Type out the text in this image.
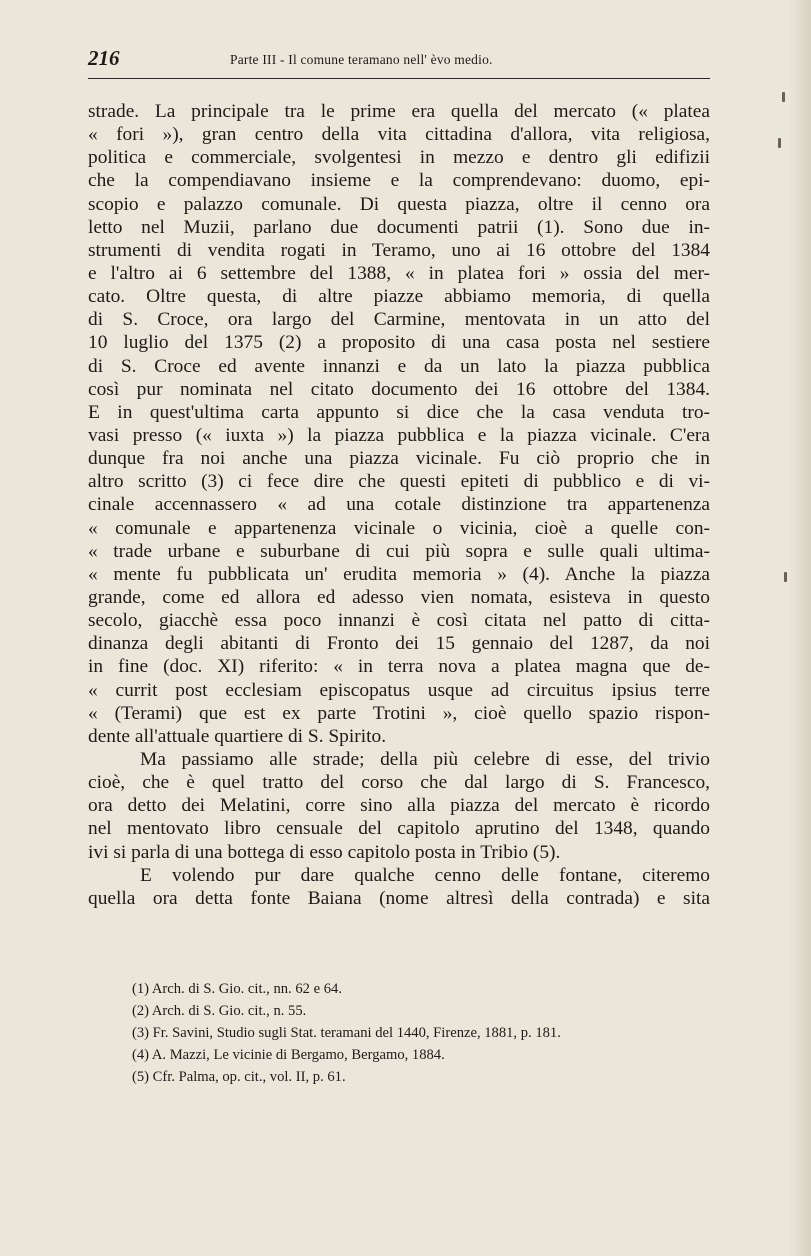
216	Parte III - Il comune teramano nell' èvo medio.
strade. La principale tra le prime era quella del mercato (« platea
« fori »), gran centro della vita cittadina d'allora, vita religiosa,
politica e commerciale, svolgentesi in mezzo e dentro gli edifizii
che la compendiavano insieme e la comprendevano: duomo, epi-
scopio e palazzo comunale. Di questa piazza, oltre il cenno ora
letto nel Muzii, parlano due documenti patrii (1). Sono due in-
strumenti di vendita rogati in Teramo, uno ai 16 ottobre del 1384
e l'altro ai 6 settembre del 1388, « in platea fori » ossia del mer-
cato. Oltre questa, di altre piazze abbiamo memoria, di quella
di S. Croce, ora largo del Carmine, mentovata in un atto del
10 luglio del 1375 (2) a proposito di una casa posta nel sestiere
di S. Croce ed avente innanzi e da un lato la piazza pubblica
così pur nominata nel citato documento dei 16 ottobre del 1384.
E in quest'ultima carta appunto si dice che la casa venduta tro-
vasi presso (« iuxta ») la piazza pubblica e la piazza vicinale. C'era
dunque fra noi anche una piazza vicinale. Fu ciò proprio che in
altro scritto (3) ci fece dire che questi epiteti di pubblico e di vi-
cinale accennassero « ad una cotale distinzione tra appartenenza
« comunale e appartenenza vicinale o vicinia, cioè a quelle con-
« trade urbane e suburbane di cui più sopra e sulle quali ultima-
« mente fu pubblicata un' erudita memoria » (4). Anche la piazza
grande, come ed allora ed adesso vien nomata, esisteva in questo
secolo, giacchè essa poco innanzi è così citata nel patto di citta-
dinanza degli abitanti di Fronto dei 15 gennaio del 1287, da noi
in fine (doc. XI) riferito: « in terra nova a platea magna que de-
« currit post ecclesiam episcopatus usque ad circuitus ipsius terre
« (Terami) que est ex parte Trotini », cioè quello spazio rispon-
dente all'attuale quartiere di S. Spirito.
Ma passiamo alle strade; della più celebre di esse, del trivio
cioè, che è quel tratto del corso che dal largo di S. Francesco,
ora detto dei Melatini, corre sino alla piazza del mercato è ricordo
nel mentovato libro censuale del capitolo aprutino del 1348, quando
ivi si parla di una bottega di esso capitolo posta in Tribio (5).
E volendo pur dare qualche cenno delle fontane, citeremo
quella ora detta fonte Baiana (nome altresì della contrada) e sita
(1) Arch. di S. Gio. cit., nn. 62 e 64.
(2) Arch. di S. Gio. cit., n. 55.
(3) Fr. Savini, Studio sugli Stat. teramani del 1440, Firenze, 1881, p. 181.
(4) A. Mazzi, Le vicinie di Bergamo, Bergamo, 1884.
(5) Cfr. Palma, op. cit., vol. II, p. 61.
